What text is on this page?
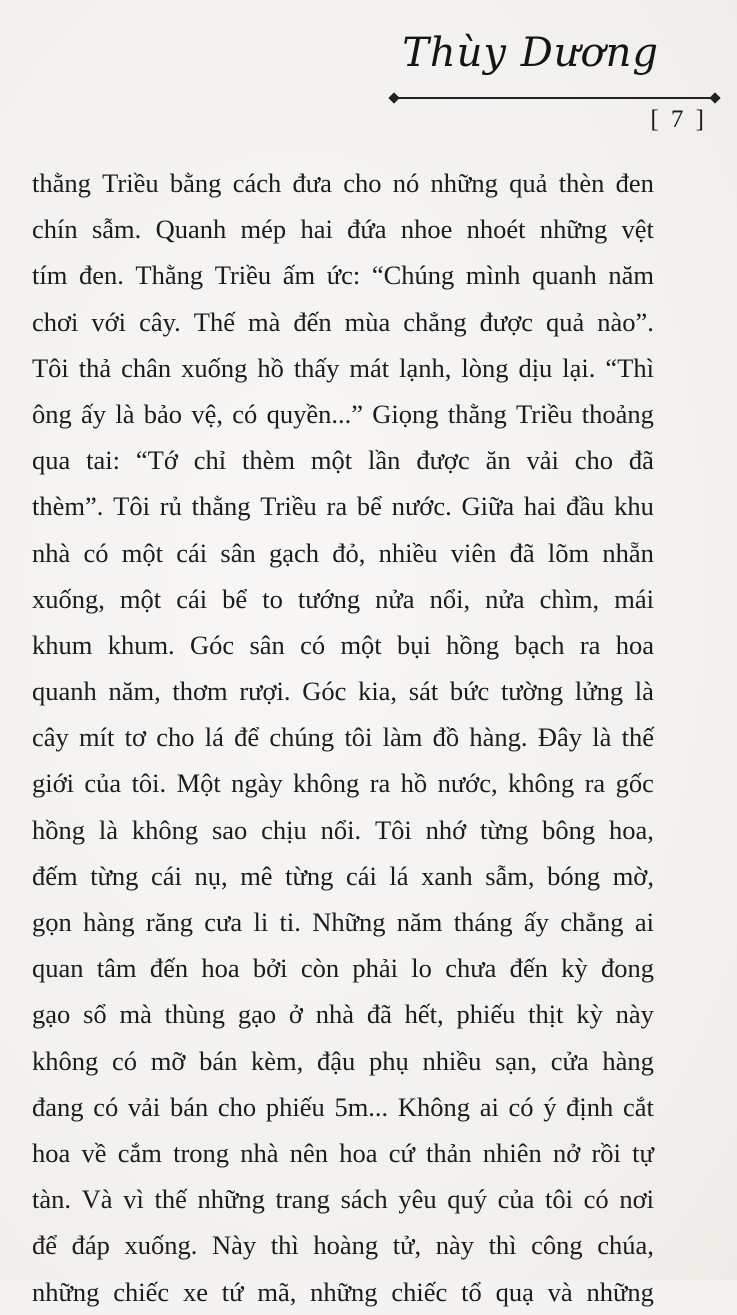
Thùy Dương
[ 7 ]
thằng Triều bằng cách đưa cho nó những quả thèn đen
chín sẫm. Quanh mép hai đứa nhoe nhoét những vệt
tím đen. Thằng Triều ấm ức: “Chúng mình quanh năm
chơi với cây. Thế mà đến mùa chẳng được quả nào”.
Tôi thả chân xuống hồ thấy mát lạnh, lòng dịu lại. “Thì
ông ấy là bảo vệ, có quyền...” Giọng thằng Triều thoảng
qua tai: “Tớ chỉ thèm một lần được ăn vải cho đã
thèm”. Tôi rủ thằng Triều ra bể nước. Giữa hai đầu khu
nhà có một cái sân gạch đỏ, nhiều viên đã lõm nhẵn
xuống, một cái bể to tướng nửa nổi, nửa chìm, mái
khum khum. Góc sân có một bụi hồng bạch ra hoa
quanh năm, thơm rượi. Góc kia, sát bức tường lửng là
cây mít tơ cho lá để chúng tôi làm đồ hàng. Đây là thế
giới của tôi. Một ngày không ra hồ nước, không ra gốc
hồng là không sao chịu nổi. Tôi nhớ từng bông hoa,
đếm từng cái nụ, mê từng cái lá xanh sẫm, bóng mờ,
gọn hàng răng cưa li ti. Những năm tháng ấy chẳng ai
quan tâm đến hoa bởi còn phải lo chưa đến kỳ đong
gạo sổ mà thùng gạo ở nhà đã hết, phiếu thịt kỳ này
không có mỡ bán kèm, đậu phụ nhiều sạn, cửa hàng
đang có vải bán cho phiếu 5m... Không ai có ý định cắt
hoa về cắm trong nhà nên hoa cứ thản nhiên nở rồi tự
tàn. Và vì thế những trang sách yêu quý của tôi có nơi
để đáp xuống. Này thì hoàng tử, này thì công chúa,
những chiếc xe tứ mã, những chiếc tổ quạ và những
